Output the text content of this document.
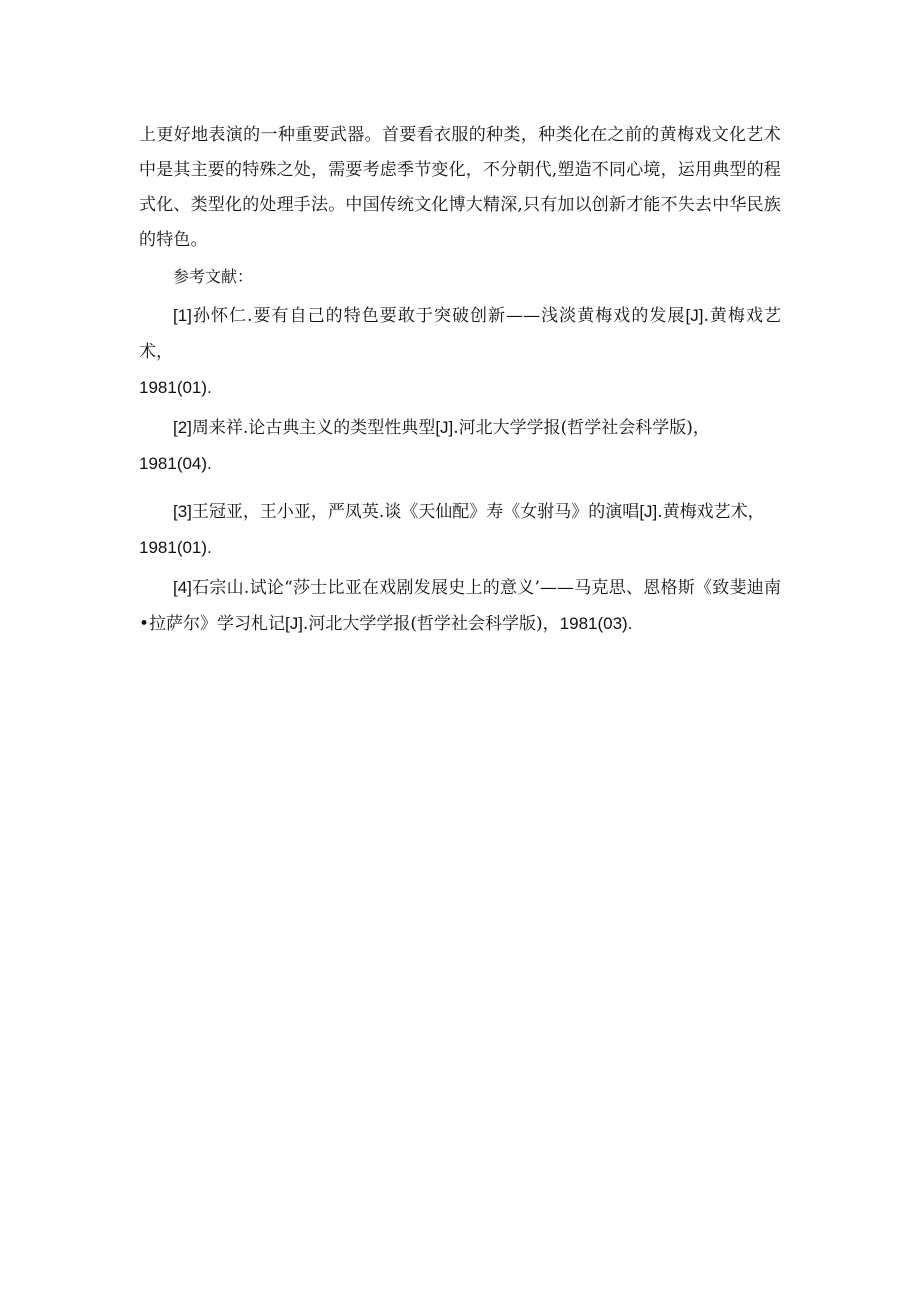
上更好地表演的一种重要武器。首要看衣服的种类，种类化在之前的黄梅戏文化艺术中是其主要的特殊之处，需要考虑季节变化，不分朝代,塑造不同心境，运用典型的程式化、类型化的处理手法。中国传统文化博大精深,只有加以创新才能不失去中华民族的特色。

参考文献：

[1]孙怀仁.要有自己的特色要敢于突破创新——浅淡黄梅戏的发展[J].黄梅戏艺术，
1981(01).

[2]周来祥.论古典主义的类型性典型[J].河北大学学报(哲学社会科学版)，
1981(04).

[3]王冠亚，王小亚，严凤英.谈《天仙配》寿《女驸马》的演唱[J].黄梅戏艺术，
1981(01).

[4]石宗山.试论“莎士比亚在戏剧发展史上的意义’——马克思、恩格斯《致斐迪南•拉萨尔》学习札记[J].河北大学学报(哲学社会科学版)，1981(03).
